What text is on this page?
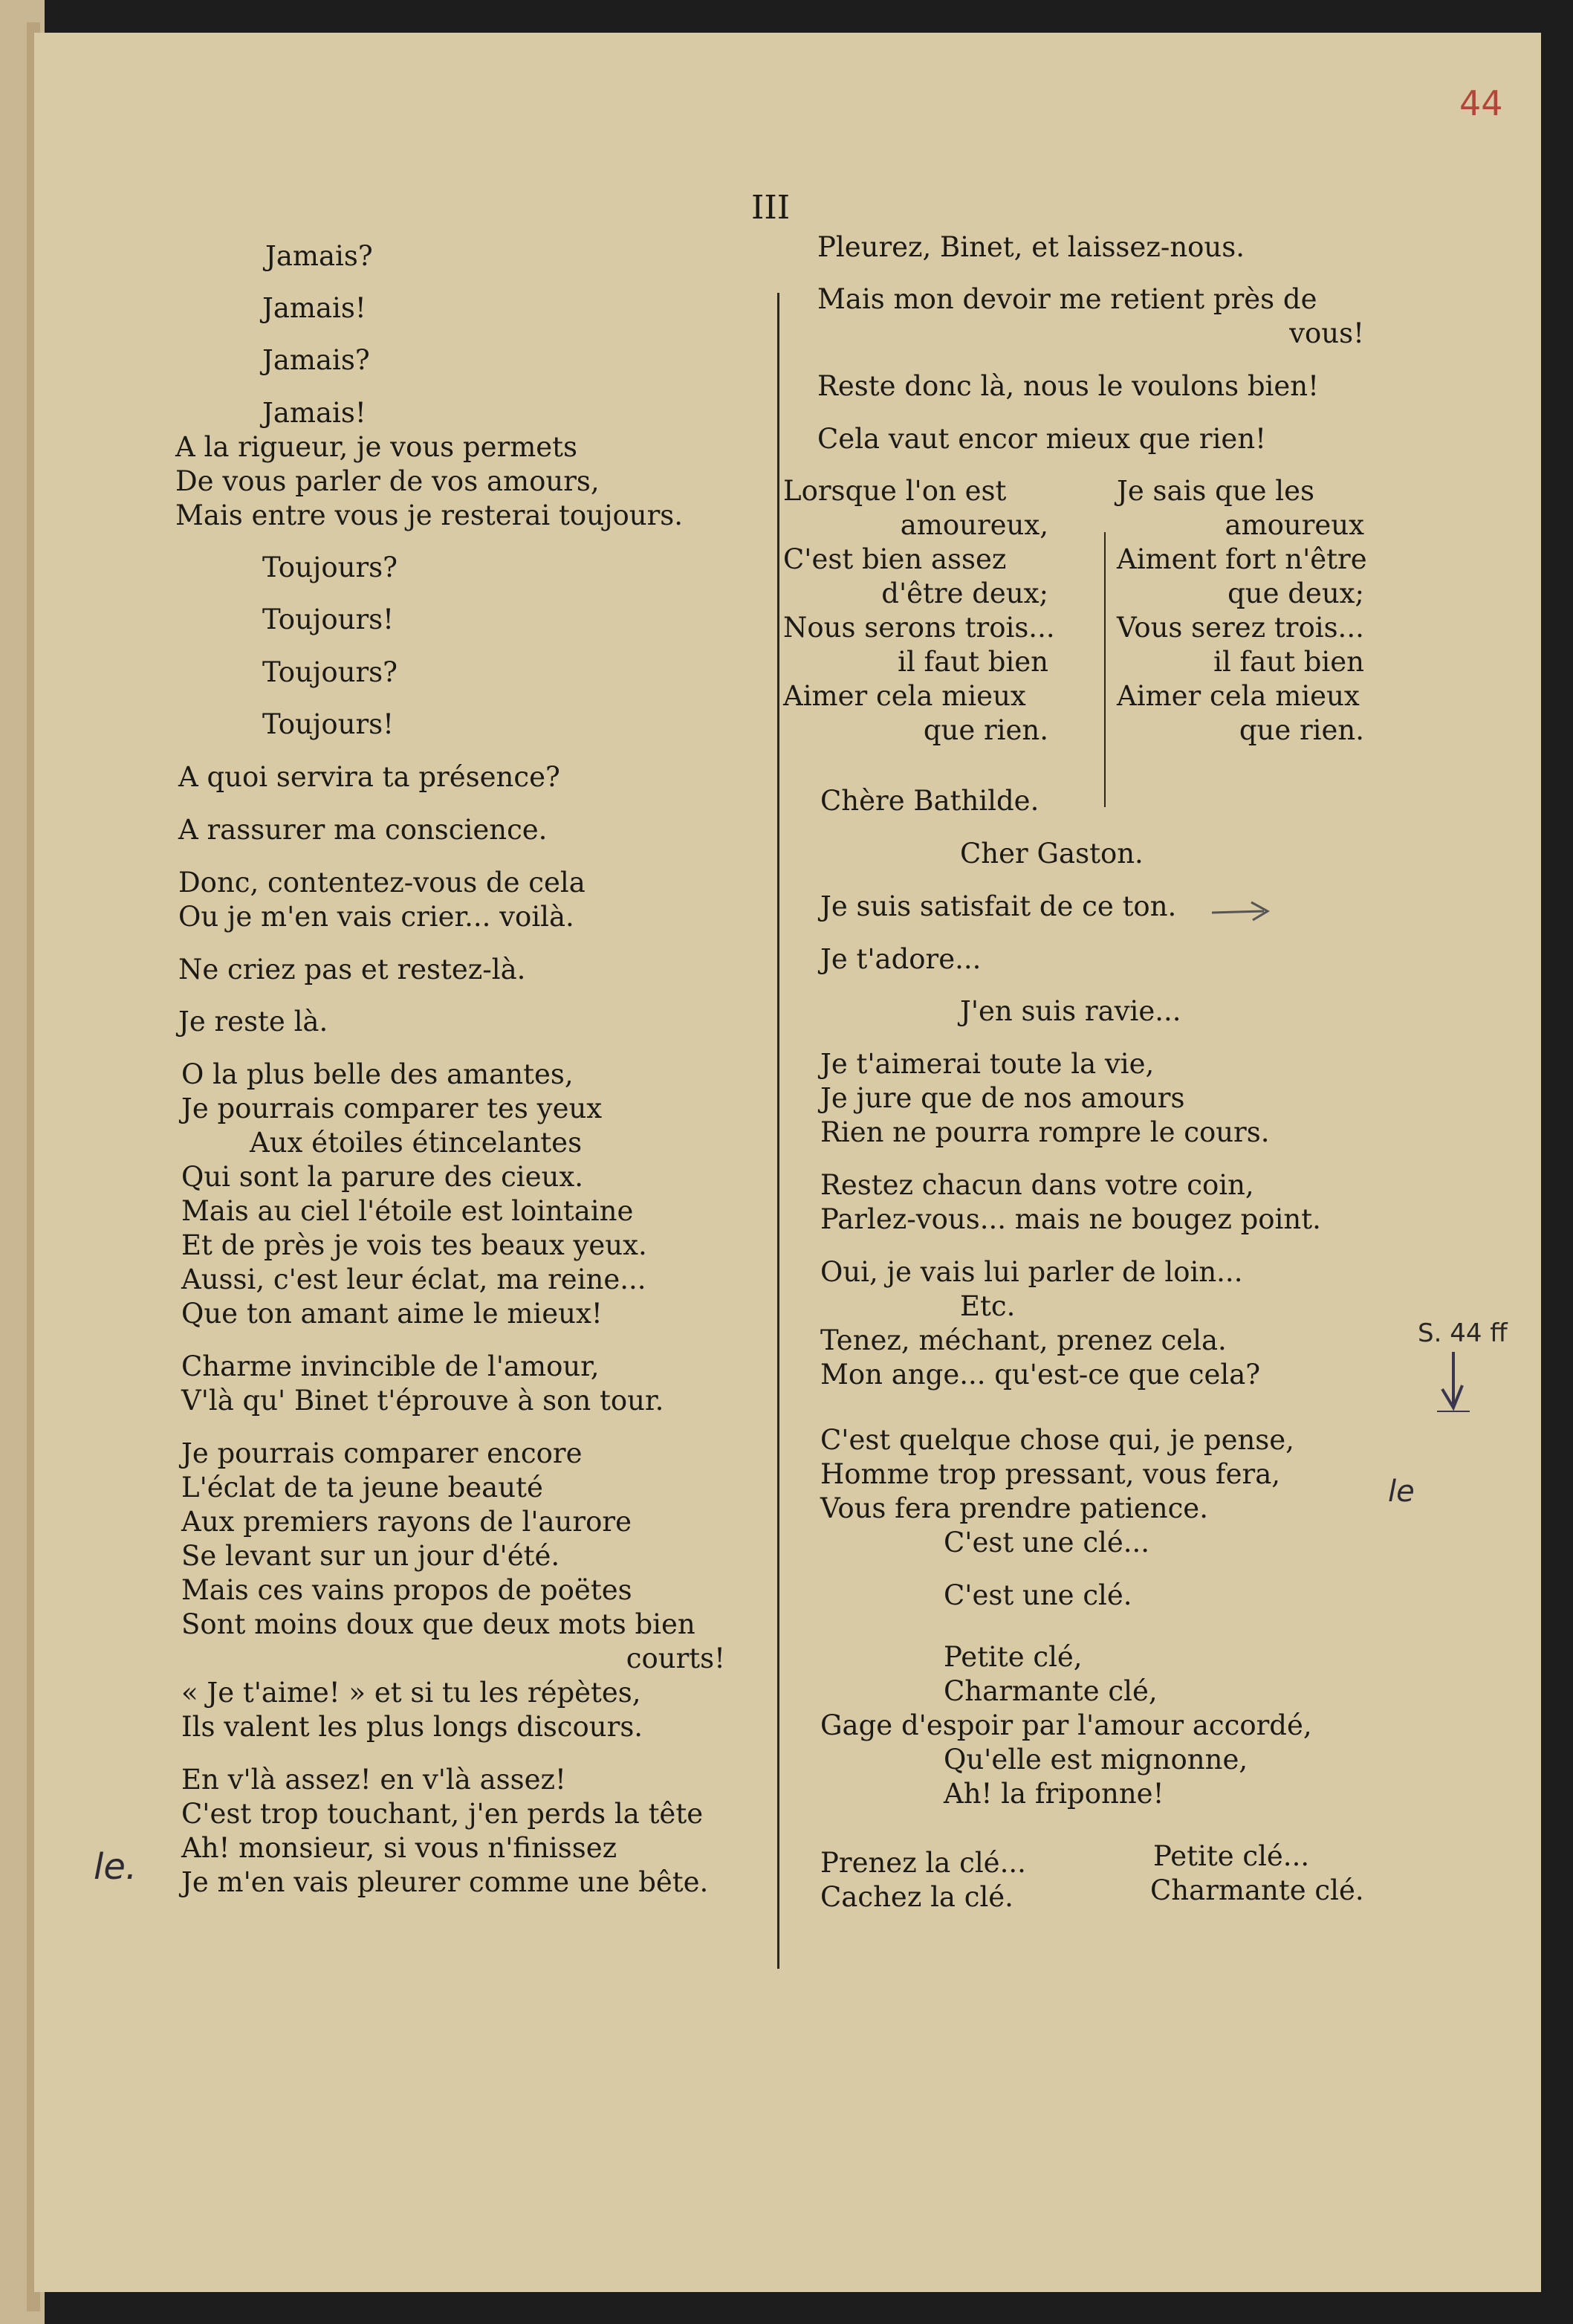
44
III
S. 44 ff
le
le.
Jamais?
Jamais!
Jamais?
Jamais!
A la rigueur, je vous permets
De vous parler de vos amours,
Mais entre vous je resterai toujours.
Toujours?
Toujours!
Toujours?
Toujours!
A quoi servira ta présence?
A rassurer ma conscience.
Donc, contentez-vous de cela
Ou je m'en vais crier... voilà.
Ne criez pas et restez-là.
Je reste là.
O la plus belle des amantes,
Je pourrais comparer tes yeux
Aux étoiles étincelantes
Qui sont la parure des cieux.
Mais au ciel l'étoile est lointaine
Et de près je vois tes beaux yeux.
Aussi, c'est leur éclat, ma reine...
Que ton amant aime le mieux!
Charme invincible de l'amour,
V'là qu' Binet t'éprouve à son tour.
Je pourrais comparer encore
L'éclat de ta jeune beauté
Aux premiers rayons de l'aurore
Se levant sur un jour d'été.
Mais ces vains propos de poëtes
Sont moins doux que deux mots bien
courts!
« Je t'aime! » et si tu les répètes,
Ils valent les plus longs discours.
En v'là assez! en v'là assez!
C'est trop touchant, j'en perds la tête
Ah! monsieur, si vous n'finissez
Je m'en vais pleurer comme une bête.
Pleurez, Binet, et laissez-nous.
Mais mon devoir me retient près de
Reste donc là, nous le voulons bien!
Cela vaut encor mieux que rien!
Chère Bathilde.
Cher Gaston.
Je suis satisfait de ce ton.
Je t'adore...
J'en suis ravie...
Je t'aimerai toute la vie,
Je jure que de nos amours
Rien ne pourra rompre le cours.
Restez chacun dans votre coin,
Parlez-vous... mais ne bougez point.
Oui, je vais lui parler de loin...
Etc.
Tenez, méchant, prenez cela.
Mon ange... qu'est-ce que cela?
C'est quelque chose qui, je pense,
Homme trop pressant, vous fera,
Vous fera prendre patience.
C'est une clé...
C'est une clé.
Petite clé,
Charmante clé,
Gage d'espoir par l'amour accordé,
Qu'elle est mignonne,
Ah! la friponne!
Prenez la clé...
Cachez la clé.
Petite clé...
Charmante clé.
vous!
Lorsque l'on est
amoureux,
C'est bien assez
d'être deux;
Nous serons trois...
il faut bien
Aimer cela mieux
que rien.
Je sais que les
amoureux
Aiment fort n'être
que deux;
Vous serez trois...
il faut bien
Aimer cela mieux
que rien.
